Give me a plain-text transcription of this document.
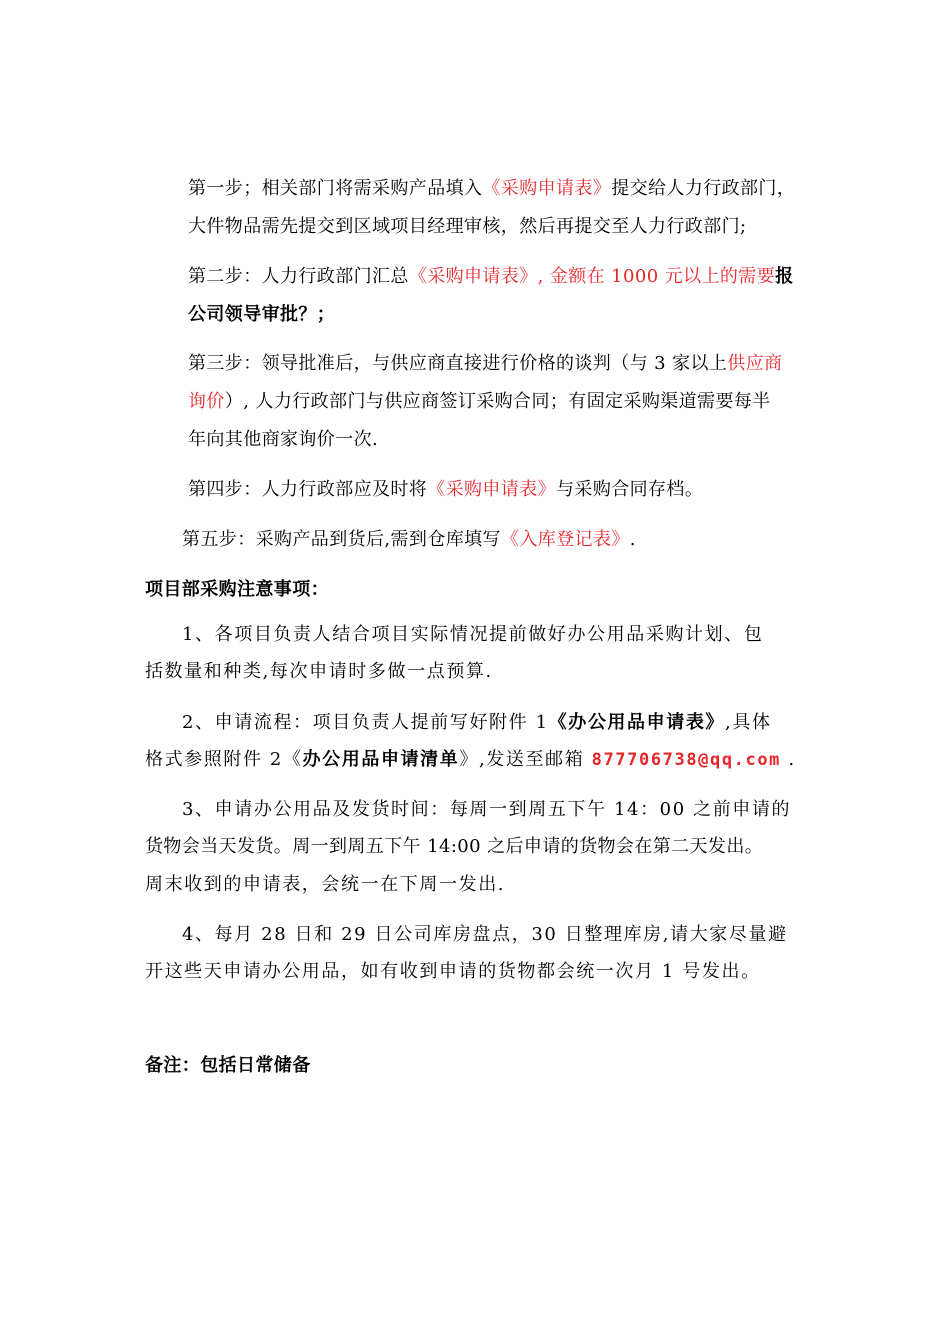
第一步；相关部门将需采购产品填入《采购申请表》提交给人力行政部门，
大件物品需先提交到区域项目经理审核，然后再提交至人力行政部门;
第二步：人力行政部门汇总《采购申请表》, 金额在 1000 元以上的需要报
公司领导审批？；
第三步：领导批准后，与供应商直接进行价格的谈判（与 3 家以上供应商
询价）, 人力行政部门与供应商签订采购合同；有固定采购渠道需要每半
年向其他商家询价一次.
第四步：人力行政部应及时将《采购申请表》与采购合同存档。
第五步：采购产品到货后,需到仓库填写《入库登记表》.
项目部采购注意事项：
1、各项目负责人结合项目实际情况提前做好办公用品采购计划、包
括数量和种类,每次申请时多做一点预算.
2、申请流程：项目负责人提前写好附件 1《办公用品申请表》,具体
格式参照附件 2《办公用品申请清单》,发送至邮箱 877706738@qq.com .
3、申请办公用品及发货时间：每周一到周五下午 14：00 之前申请的
货物会当天发货。周一到周五下午 14:00 之后申请的货物会在第二天发出。
周末收到的申请表，会统一在下周一发出.
4、每月 28 日和 29 日公司库房盘点，30 日整理库房,请大家尽量避
开这些天申请办公用品，如有收到申请的货物都会统一次月 1 号发出。
备注：包括日常储备
